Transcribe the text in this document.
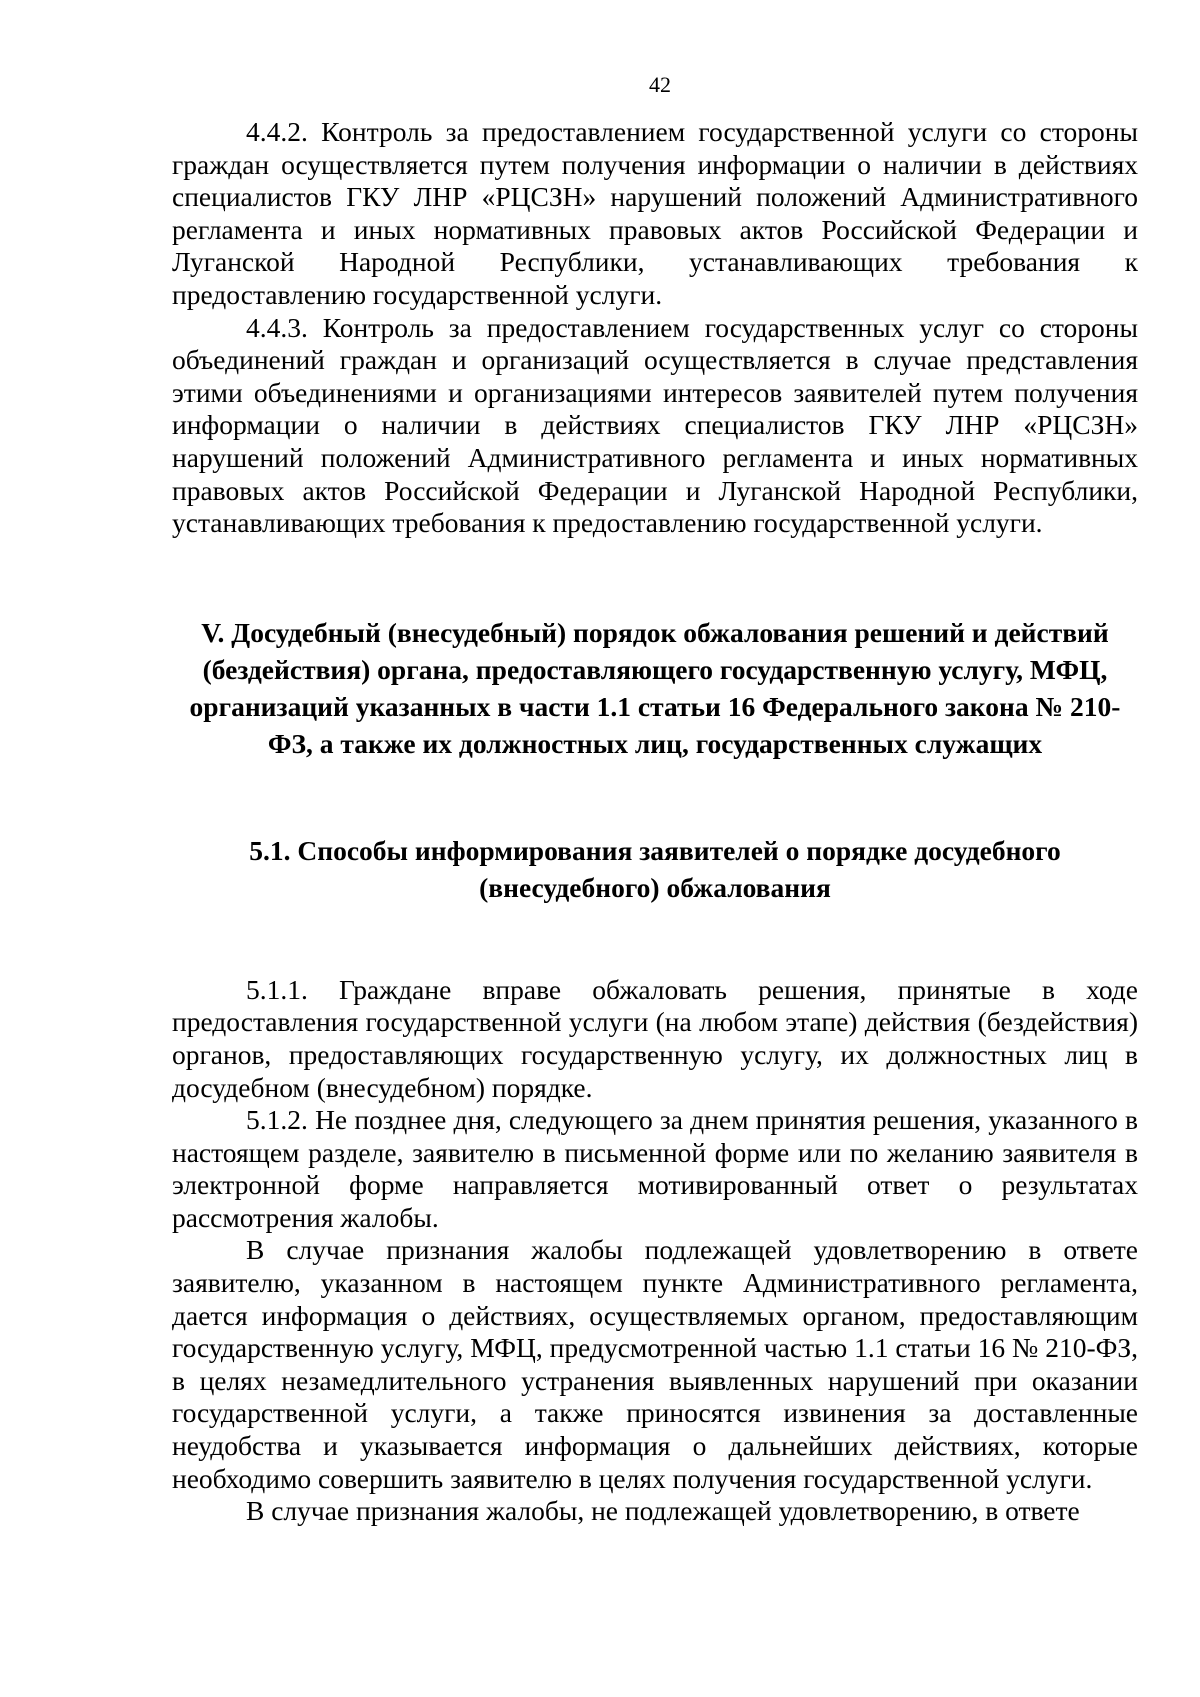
42

4.4.2. Контроль за предоставлением государственной услуги со стороны граждан осуществляется путем получения информации о наличии в действиях специалистов ГКУ ЛНР «РЦСЗН» нарушений положений Административного регламента и иных нормативных правовых актов Российской Федерации и Луганской Народной Республики, устанавливающих требования к предоставлению государственной услуги.

4.4.3. Контроль за предоставлением государственных услуг со стороны объединений граждан и организаций осуществляется в случае представления этими объединениями и организациями интересов заявителей путем получения информации о наличии в действиях специалистов ГКУ ЛНР «РЦСЗН» нарушений положений Административного регламента и иных нормативных правовых актов Российской Федерации и Луганской Народной Республики, устанавливающих требования к предоставлению государственной услуги.

V. Досудебный (внесудебный) порядок обжалования решений и действий (бездействия) органа, предоставляющего государственную услугу, МФЦ, организаций указанных в части 1.1 статьи 16 Федерального закона № 210-ФЗ, а также их должностных лиц, государственных служащих
5.1. Способы информирования заявителей о порядке досудебного (внесудебного) обжалования

5.1.1. Граждане вправе обжаловать решения, принятые в ходе предоставления государственной услуги (на любом этапе) действия (бездействия) органов, предоставляющих государственную услугу, их должностных лиц в досудебном (внесудебном) порядке.

5.1.2. Не позднее дня, следующего за днем принятия решения, указанного в настоящем разделе, заявителю в письменной форме или по желанию заявителя в электронной форме направляется мотивированный ответ о результатах рассмотрения жалобы.

В случае признания жалобы подлежащей удовлетворению в ответе заявителю, указанном в настоящем пункте Административного регламента, дается информация о действиях, осуществляемых органом, предоставляющим государственную услугу, МФЦ, предусмотренной частью 1.1 статьи 16 № 210-ФЗ, в целях незамедлительного устранения выявленных нарушений при оказании государственной услуги, а также приносятся извинения за доставленные неудобства и указывается информация о дальнейших действиях, которые необходимо совершить заявителю в целях получения государственной услуги.

В случае признания жалобы, не подлежащей удовлетворению, в ответе
